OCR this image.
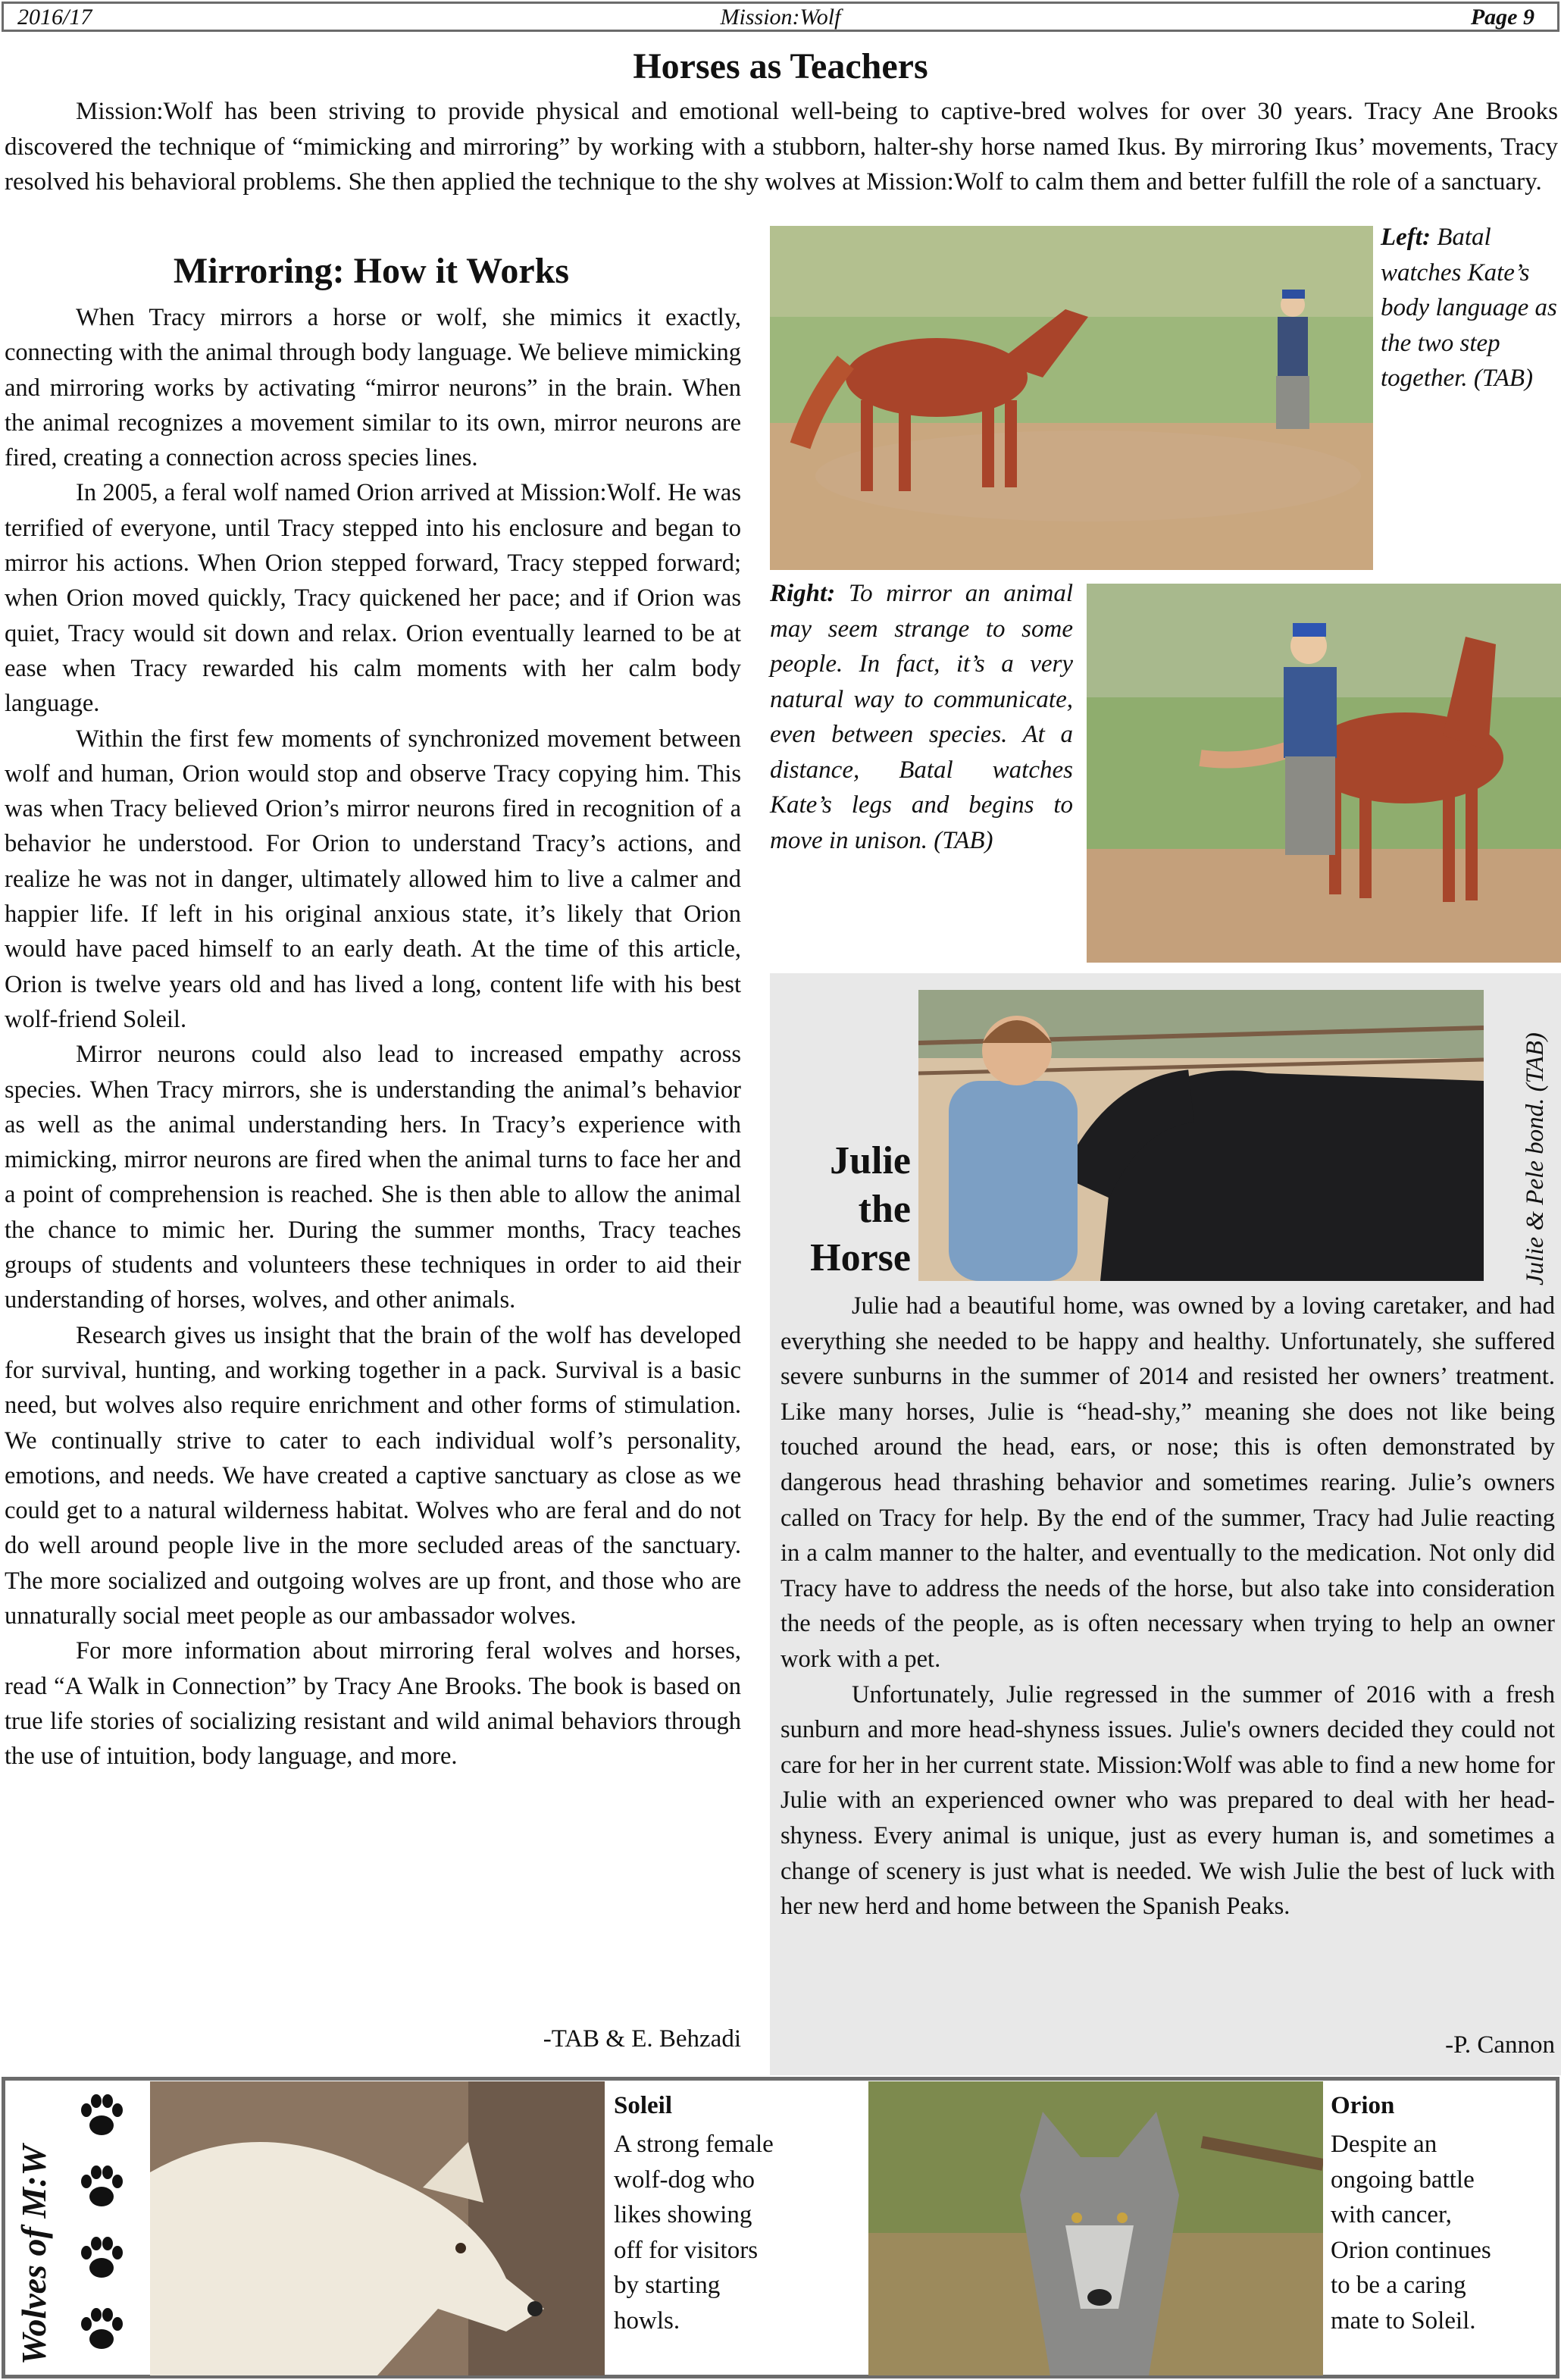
2016/17	Mission:Wolf	Page 9
Horses as Teachers

Mission:Wolf has been striving to provide physical and emotional well-being to captive-bred wolves for over 30 years. Tracy Ane Brooks discovered the technique of “mimicking and mirroring” by working with a stubborn, halter-shy horse named Ikus. By mirroring Ikus’ movements, Tracy resolved his behavioral problems. She then applied the technique to the shy wolves at Mission:Wolf to calm them and better fulfill the role of a sanctuary.

Mirroring: How it Works

When Tracy mirrors a horse or wolf, she mimics it exactly, connecting with the animal through body language. We believe mimicking and mirroring works by activating “mirror neurons” in the brain. When the animal recognizes a movement similar to its own, mirror neurons are fired, creating a connection across species lines.

In 2005, a feral wolf named Orion arrived at Mission:Wolf. He was terrified of everyone, until Tracy stepped into his enclosure and began to mirror his actions. When Orion stepped forward, Tracy stepped forward; when Orion moved quickly, Tracy quickened her pace; and if Orion was quiet, Tracy would sit down and relax. Orion eventually learned to be at ease when Tracy rewarded his calm moments with her calm body language.

Within the first few moments of synchronized movement between wolf and human, Orion would stop and observe Tracy copying him. This was when Tracy believed Orion’s mirror neurons fired in recognition of a behavior he understood. For Orion to understand Tracy’s actions, and realize he was not in danger, ultimately allowed him to live a calmer and happier life. If left in his original anxious state, it’s likely that Orion would have paced himself to an early death. At the time of this article, Orion is twelve years old and has lived a long, content life with his best wolf-friend Soleil.

Mirror neurons could also lead to increased empathy across species. When Tracy mirrors, she is understanding the animal’s behavior as well as the animal understanding hers. In Tracy’s experience with mimicking, mirror neurons are fired when the animal turns to face her and a point of comprehension is reached. She is then able to allow the animal the chance to mimic her. During the summer months, Tracy teaches groups of students and volunteers these techniques in order to aid their understanding of horses, wolves, and other animals.

Research gives us insight that the brain of the wolf has developed for survival, hunting, and working together in a pack. Survival is a basic need, but wolves also require enrichment and other forms of stimulation. We continually strive to cater to each individual wolf’s personality, emotions, and needs. We have created a captive sanctuary as close as we could get to a natural wilderness habitat. Wolves who are feral and do not do well around people live in the more secluded areas of the sanctuary. The more socialized and outgoing wolves are up front, and those who are unnaturally social meet people as our ambassador wolves.

For more information about mirroring feral wolves and horses, read “A Walk in Connection” by Tracy Ane Brooks. The book is based on true life stories of socializing resistant and wild animal behaviors through the use of intuition, body language, and more.

-TAB & E. Behzadi
Left: Batal watches Kate’s body language as the two step together. (TAB)
Right: To mirror an animal may seem strange to some people. In fact, it’s a very natural way to communicate, even between species. At a distance, Batal watches Kate’s legs and begins to move in unison. (TAB)
Julie
the
Horse	Julie & Pele bond. (TAB)

Julie had a beautiful home, was owned by a loving caretaker, and had everything she needed to be happy and healthy. Unfortunately, she suffered severe sunburns in the summer of 2014 and resisted her owners’ treatment. Like many horses, Julie is “head-shy,” meaning she does not like being touched around the head, ears, or nose; this is often demonstrated by dangerous head thrashing behavior and sometimes rearing. Julie’s owners called on Tracy for help. By the end of the summer, Tracy had Julie reacting in a calm manner to the halter, and eventually to the medication. Not only did Tracy have to address the needs of the horse, but also take into consideration the needs of the people, as is often necessary when trying to help an owner work with a pet.

Unfortunately, Julie regressed in the summer of 2016 with a fresh sunburn and more head-shyness issues. Julie's owners decided they could not care for her in her current state. Mission:Wolf was able to find a new home for Julie with an experienced owner who was prepared to deal with her head-shyness. Every animal is unique, just as every human is, and sometimes a change of scenery is just what is needed. We wish Julie the best of luck with her new herd and home between the Spanish Peaks.

-P. Cannon
Wolves of M:W
Soleil
A strong female
wolf-dog who
likes showing
off for visitors
by starting
howls.
Orion
Despite an
ongoing battle
with cancer,
Orion continues
to be a caring
mate to Soleil.
